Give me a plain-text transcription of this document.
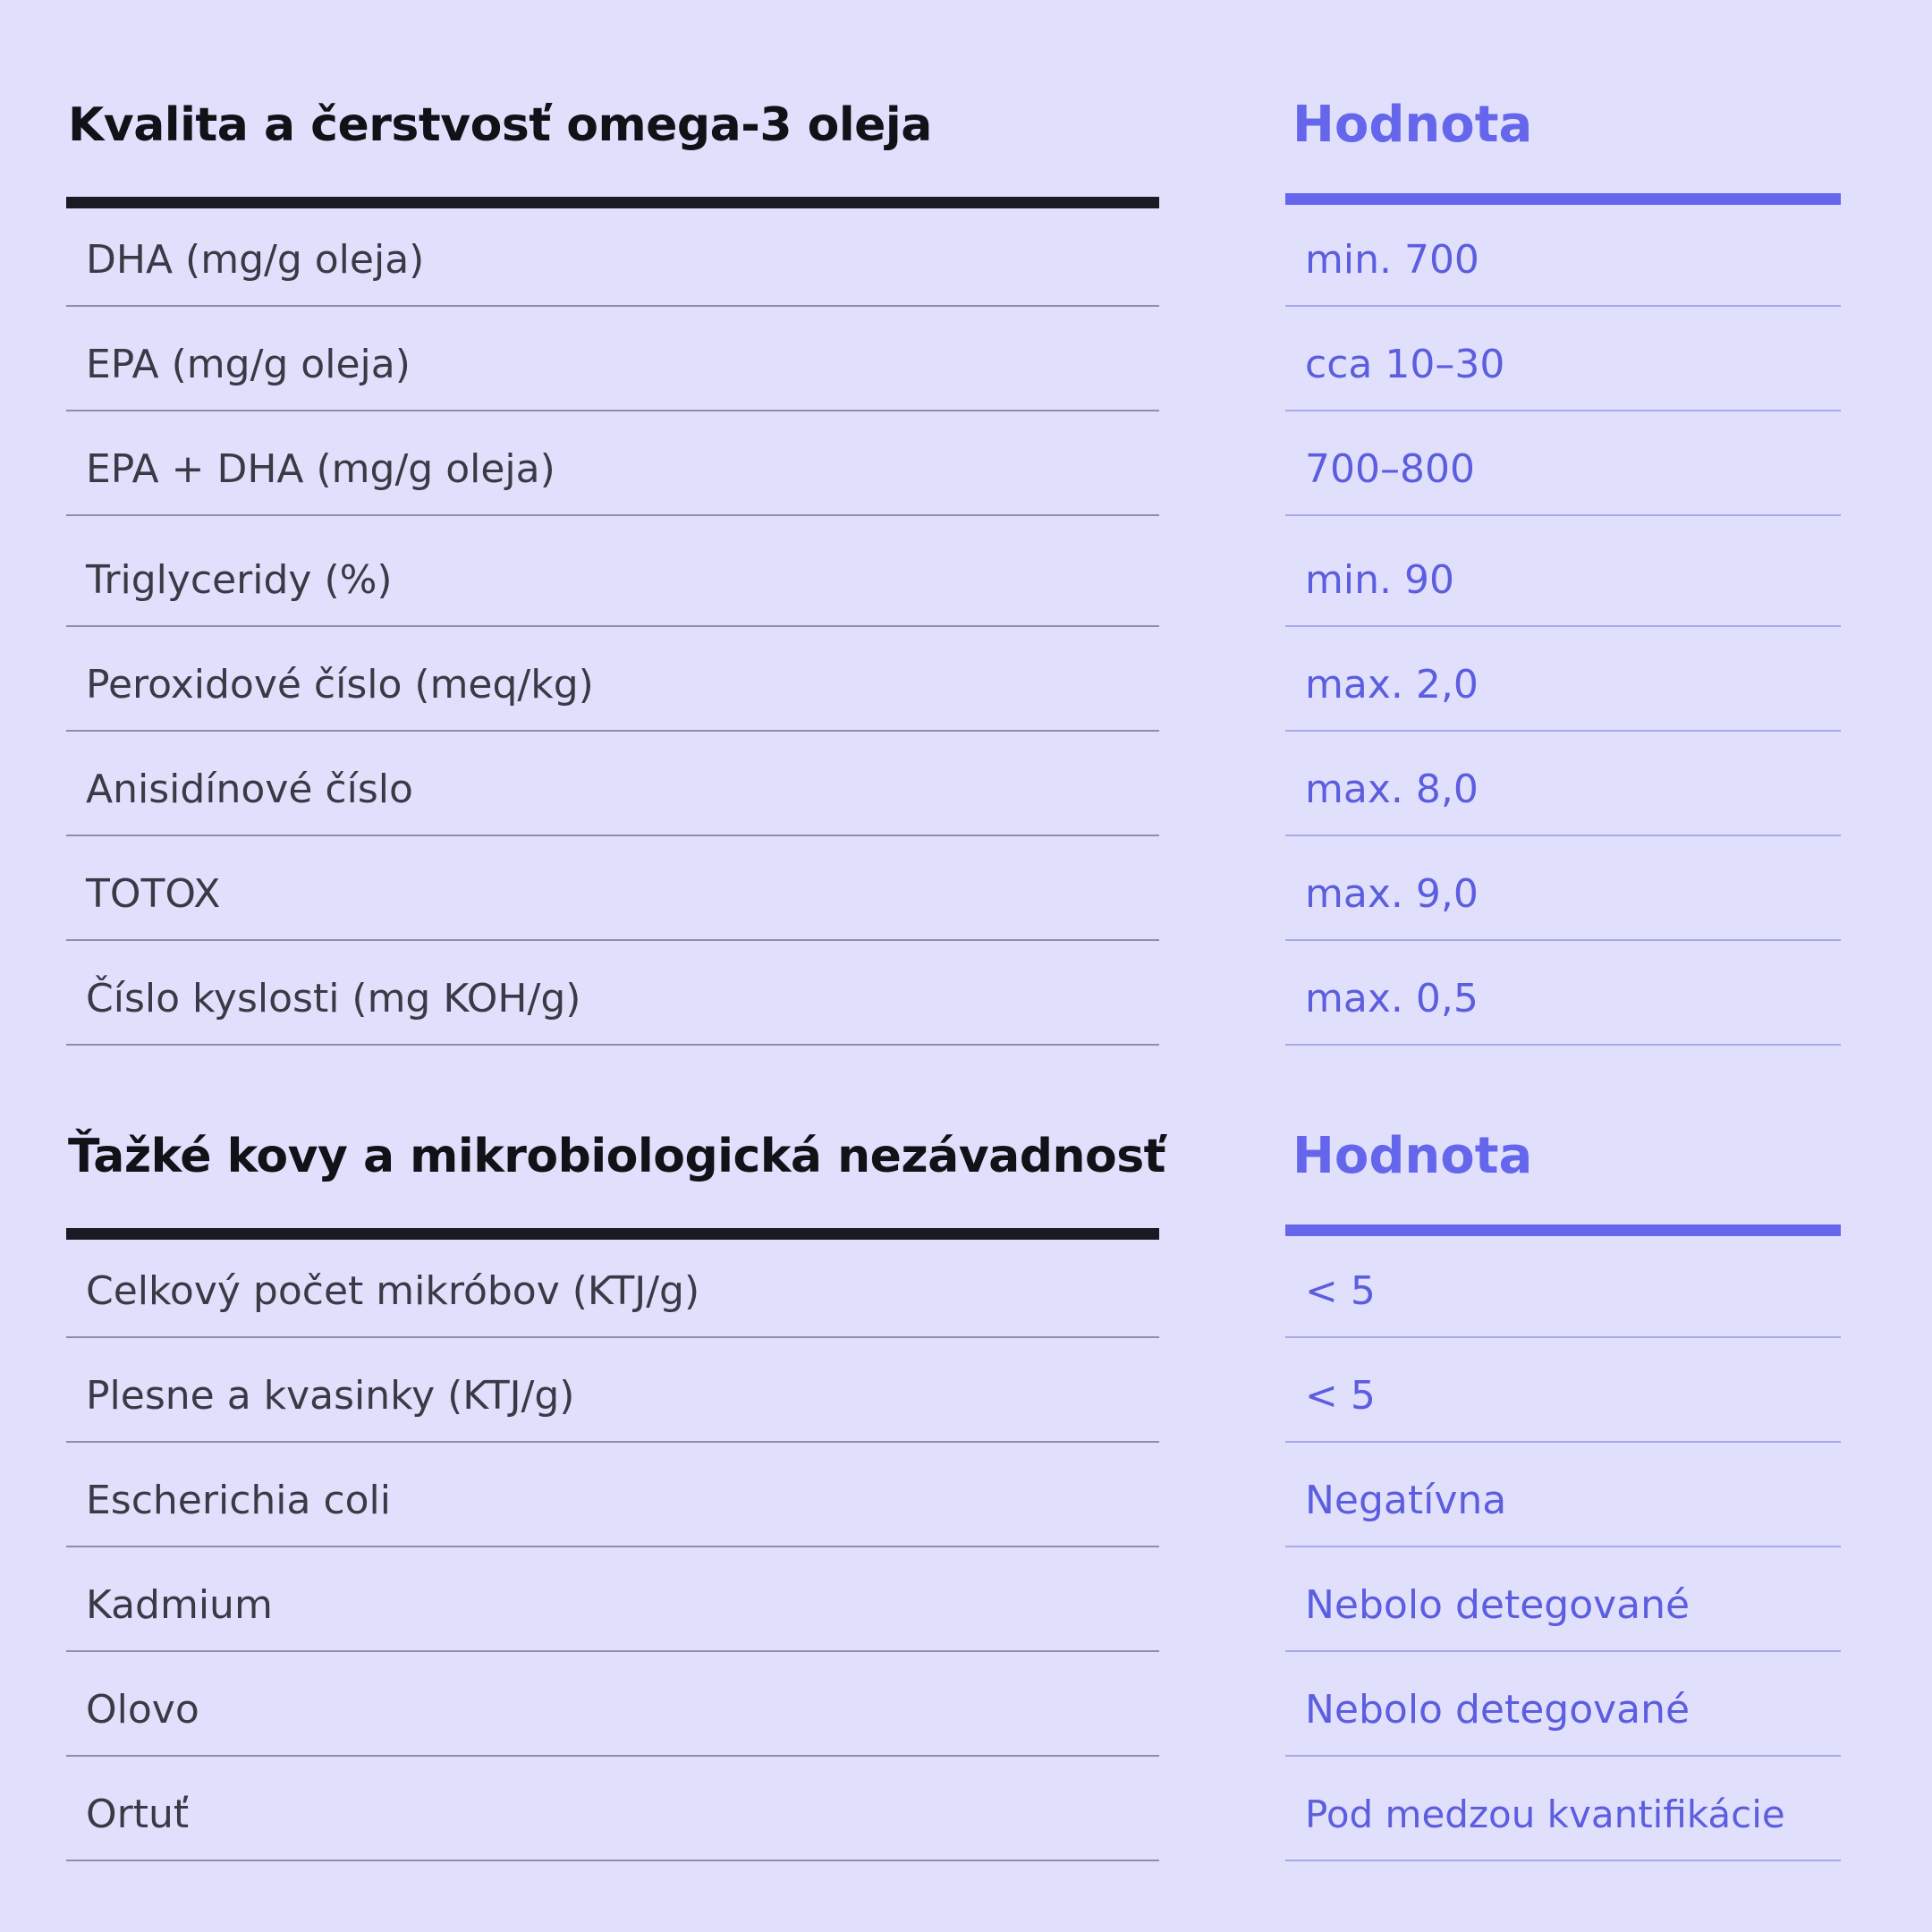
Kvalita a čerstvosť omega-3 oleja	Hodnota
DHA (mg/g oleja)	min. 700
EPA (mg/g oleja)	cca 10–30
EPA + DHA (mg/g oleja)	700–800
Triglyceridy (%)	min. 90
Peroxidové číslo (meq/kg)	max. 2,0
Anisidínové číslo	max. 8,0
TOTOX	max. 9,0
Číslo kyslosti (mg KOH/g)	max. 0,5
Ťažké kovy a mikrobiologická nezávadnosť	Hodnota
Celkový počet mikróbov (KTJ/g)	< 5
Plesne a kvasinky (KTJ/g)	< 5
Escherichia coli	Negatívna
Kadmium	Nebolo detegované
Olovo	Nebolo detegované
Ortuť	Pod medzou kvantifikácie
